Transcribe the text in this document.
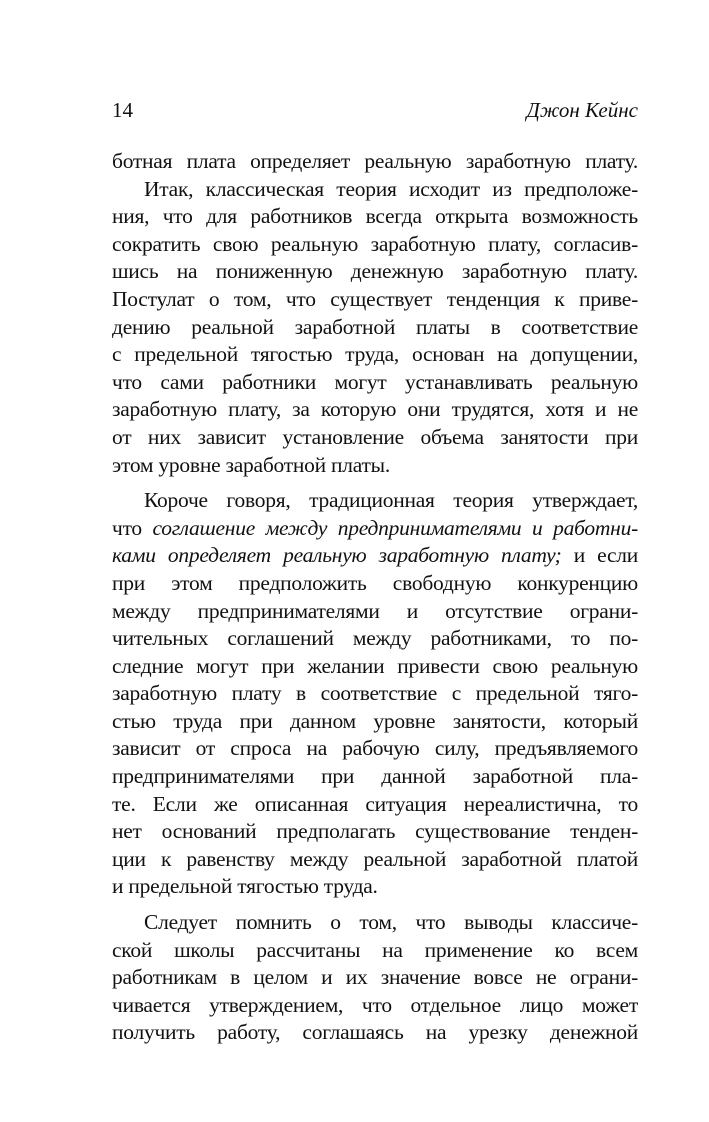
14	Джон Кейнс
ботная плата определяет реальную заработную плату.
Итак, классическая теория исходит из предположе-
ния, что для работников всегда открыта возможность
сократить свою реальную заработную плату, согласив-
шись на пониженную денежную заработную плату.
Постулат о том, что существует тенденция к приве-
дению реальной заработной платы в соответствие
с предельной тягостью труда, основан на допущении,
что сами работники могут устанавливать реальную
заработную плату, за которую они трудятся, хотя и не
от них зависит установление объема занятости при
этом уровне заработной платы.
Короче говоря, традиционная теория утверждает,
что соглашение между предпринимателями и работни-
ками определяет реальную заработную плату; и если
при этом предположить свободную конкуренцию
между предпринимателями и отсутствие ограни-
чительных соглашений между работниками, то по-
следние могут при желании привести свою реальную
заработную плату в соответствие с предельной тяго-
стью труда при данном уровне занятости, который
зависит от спроса на рабочую силу, предъявляемого
предпринимателями при данной заработной пла-
те. Если же описанная ситуация нереалистична, то
нет оснований предполагать существование тенден-
ции к равенству между реальной заработной платой
и предельной тягостью труда.
Следует помнить о том, что выводы классиче-
ской школы рассчитаны на применение ко всем
работникам в целом и их значение вовсе не ограни-
чивается утверждением, что отдельное лицо может
получить работу, соглашаясь на урезку денежной
